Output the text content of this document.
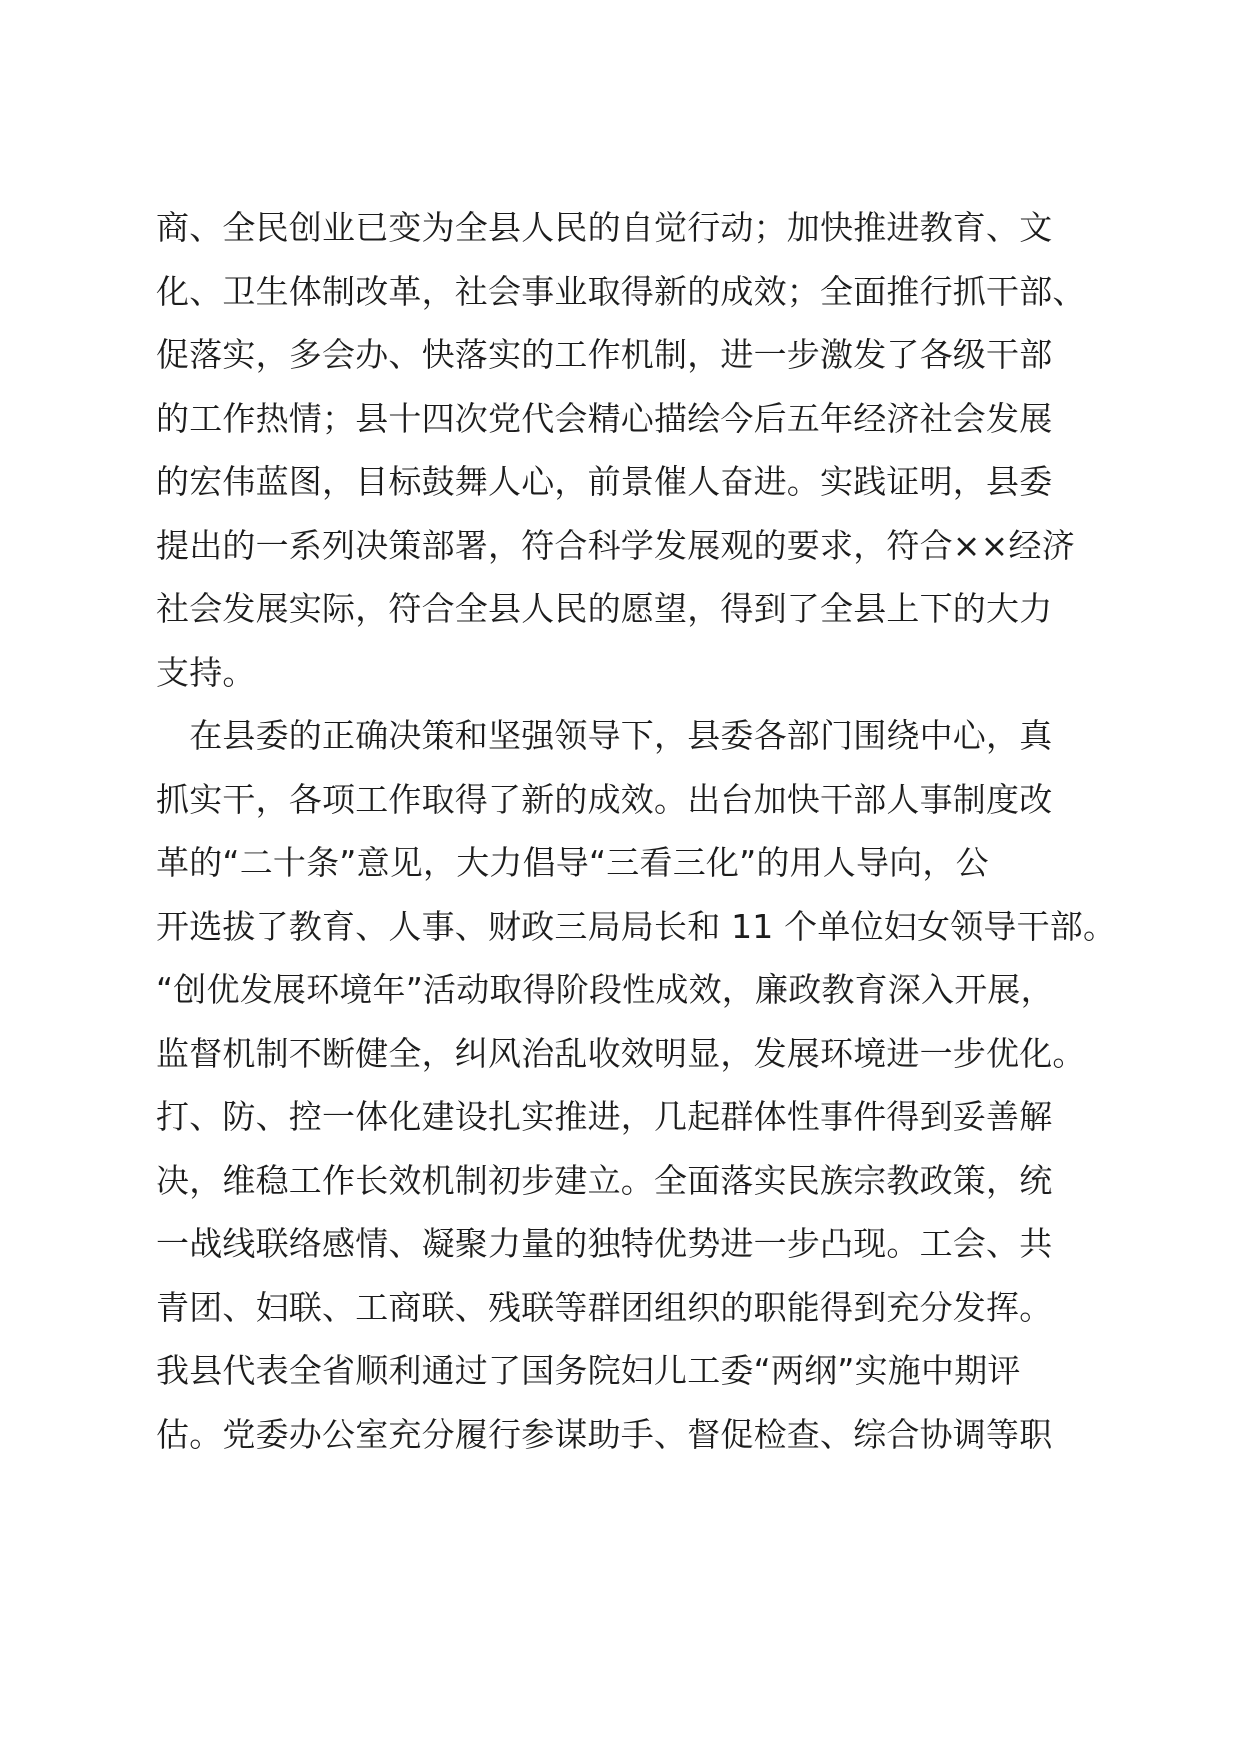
商、全民创业已变为全县人民的自觉行动；加快推进教育、文
化、卫生体制改革，社会事业取得新的成效；全面推行抓干部、
促落实，多会办、快落实的工作机制，进一步激发了各级干部
的工作热情；县十四次党代会精心描绘今后五年经济社会发展
的宏伟蓝图，目标鼓舞人心，前景催人奋进。实践证明，县委
提出的一系列决策部署，符合科学发展观的要求，符合××经济
社会发展实际，符合全县人民的愿望，得到了全县上下的大力
支持。
　在县委的正确决策和坚强领导下，县委各部门围绕中心，真
抓实干，各项工作取得了新的成效。出台加快干部人事制度改
革的“二十条”意见，大力倡导“三看三化”的用人导向，公
开选拔了教育、人事、财政三局局长和 11 个单位妇女领导干部。
“创优发展环境年”活动取得阶段性成效，廉政教育深入开展，
监督机制不断健全，纠风治乱收效明显，发展环境进一步优化。
打、防、控一体化建设扎实推进，几起群体性事件得到妥善解
决，维稳工作长效机制初步建立。全面落实民族宗教政策，统
一战线联络感情、凝聚力量的独特优势进一步凸现。工会、共
青团、妇联、工商联、残联等群团组织的职能得到充分发挥。
我县代表全省顺利通过了国务院妇儿工委“两纲”实施中期评
估。党委办公室充分履行参谋助手、督促检查、综合协调等职
